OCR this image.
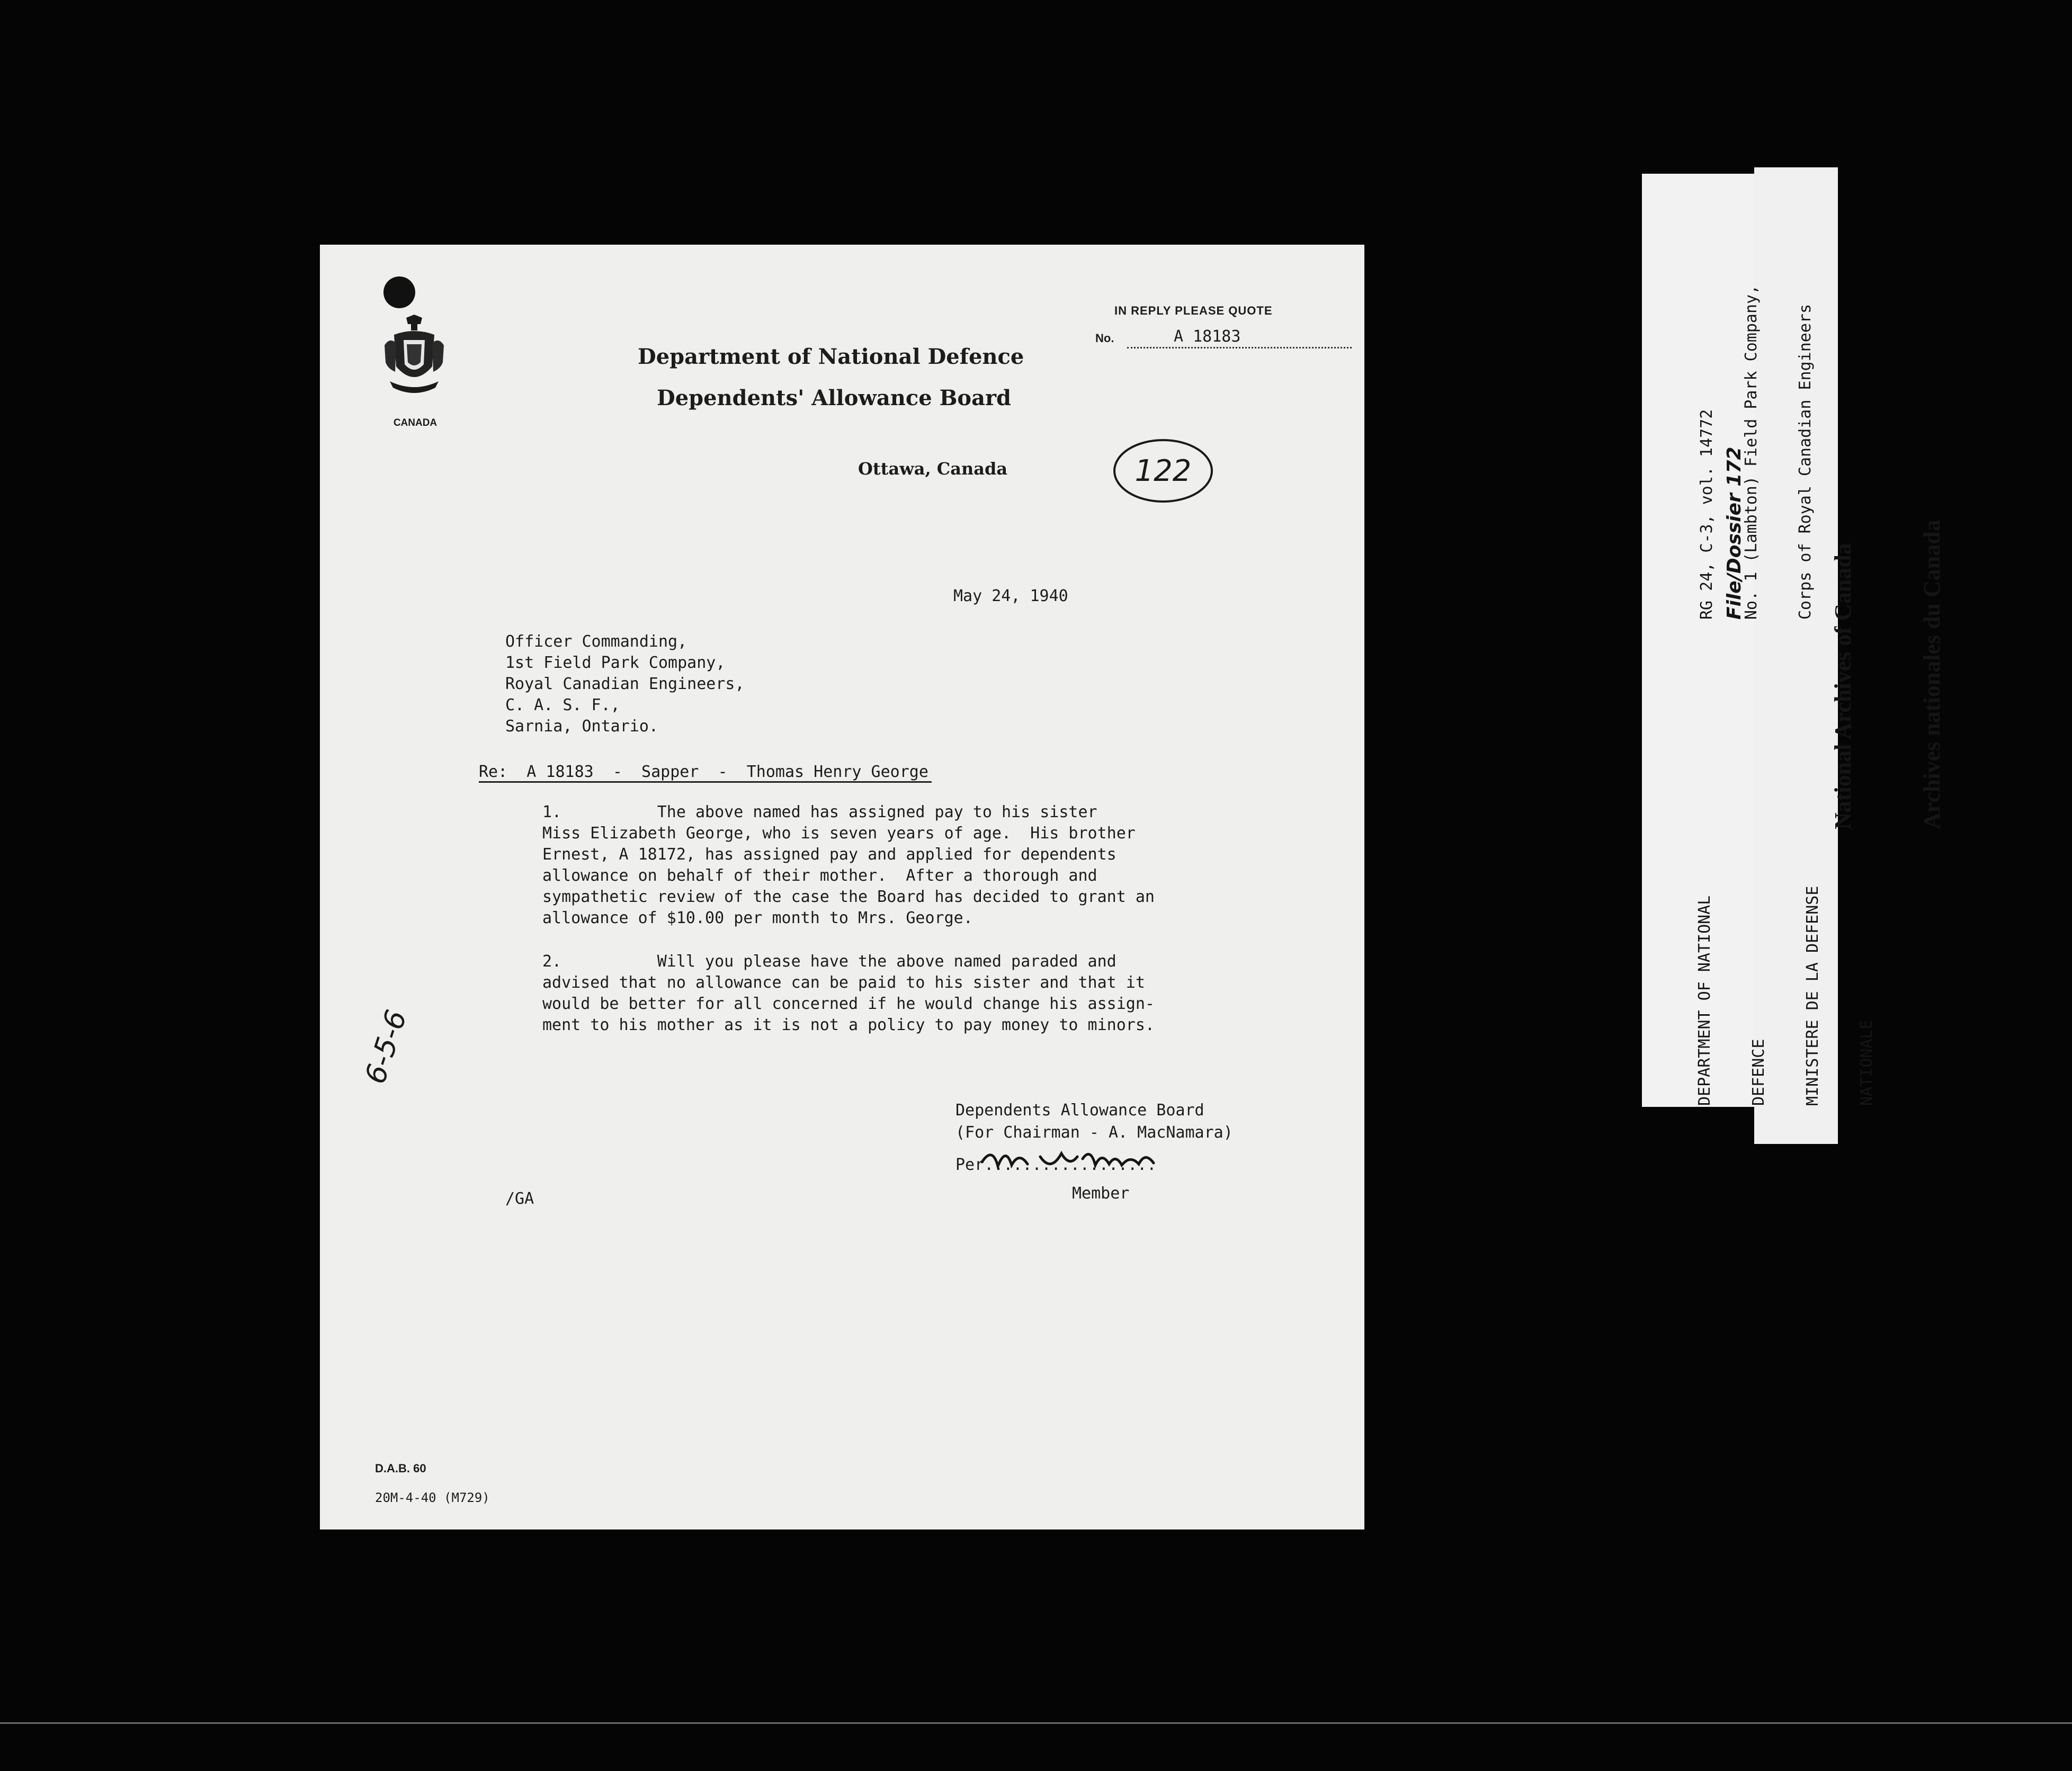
CANADA
IN REPLY PLEASE QUOTE
No.	A 18183
Department of National Defence
Dependents' Allowance Board
Ottawa, Canada	122
May 24, 1940
Officer Commanding,
1st Field Park Company,
Royal Canadian Engineers,
C. A. S. F.,
Sarnia, Ontario.
Re:  A 18183  -  Sapper  -  Thomas Henry George
1.          The above named has assigned pay to his sister
Miss Elizabeth George, who is seven years of age.  His brother
Ernest, A 18172, has assigned pay and applied for dependents
allowance on behalf of their mother.  After a thorough and
sympathetic review of the case the Board has decided to grant an
allowance of $10.00 per month to Mrs. George.
2.          Will you please have the above named paraded and
advised that no allowance can be paid to his sister and that it
would be better for all concerned if he would change his assign-
ment to his mother as it is not a policy to pay money to minors.
6-5-6
Dependents Allowance Board
(For Chairman - A. MacNamara)
Per..................
Member
/GA
D.A.B. 60
20M-4-40 (M729)

DEPARTMENT OF NATIONAL

DEFENCE

MINISTERE DE LA DEFENSE

NATIONALE

RG 24, C-3, vol. 14772

File/Dossier 172

No. 1 (Lambton) Field Park Company,

Corps of Royal Canadian Engineers

National Archives of Canada

	Archives nationales du Canada
